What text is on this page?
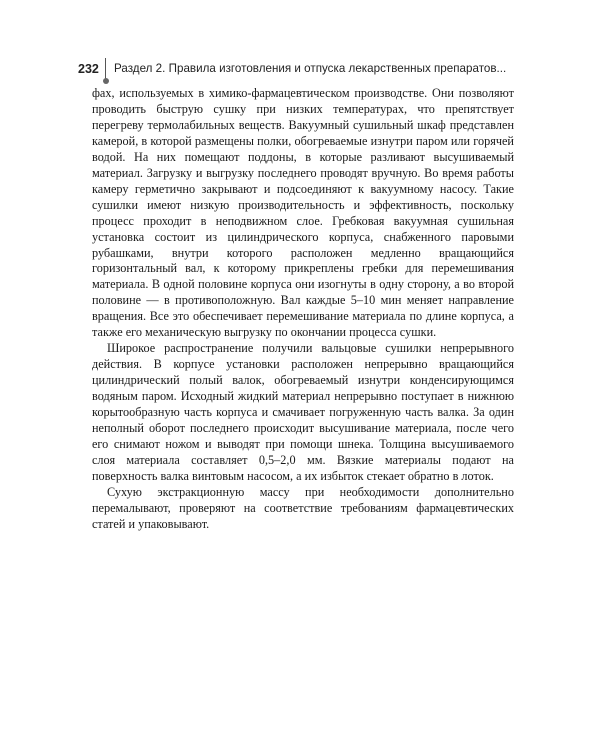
232 Раздел 2. Правила изготовления и отпуска лекарственных препаратов...

фах, используемых в химико-фармацевтическом производстве. Они позволяют проводить быструю сушку при низких температурах, что препятствует перегреву термолабильных веществ. Вакуумный сушильный шкаф представлен камерой, в которой размещены полки, обогреваемые изнутри паром или горячей водой. На них помещают поддоны, в которые разливают высушиваемый материал. Загрузку и выгрузку последнего проводят вручную. Во время работы камеру герметично закрывают и подсоединяют к вакуумному насосу. Такие сушилки имеют низкую производительность и эффективность, поскольку процесс проходит в неподвижном слое. Гребковая вакуумная сушильная установка состоит из цилиндрического корпуса, снабженного паровыми рубашками, внутри которого расположен медленно вращающийся горизонтальный вал, к которому прикреплены гребки для перемешивания материала. В одной половине корпуса они изогнуты в одну сторону, а во второй половине — в противоположную. Вал каждые 5–10 мин меняет направление вращения. Все это обеспечивает перемешивание материала по длине корпуса, а также его механическую выгрузку по окончании процесса сушки.

Широкое распространение получили вальцовые сушилки непрерывного действия. В корпусе установки расположен непрерывно вращающийся цилиндрический полый валок, обогреваемый изнутри конденсирующимся водяным паром. Исходный жидкий материал непрерывно поступает в нижнюю корытообразную часть корпуса и смачивает погруженную часть валка. За один неполный оборот последнего происходит высушивание материала, после чего его снимают ножом и выводят при помощи шнека. Толщина высушиваемого слоя материала составляет 0,5–2,0 мм. Вязкие материалы подают на поверхность валка винтовым насосом, а их избыток стекает обратно в лоток.

Сухую экстракционную массу при необходимости дополнительно перемалывают, проверяют на соответствие требованиям фармацевтических статей и упаковывают.
